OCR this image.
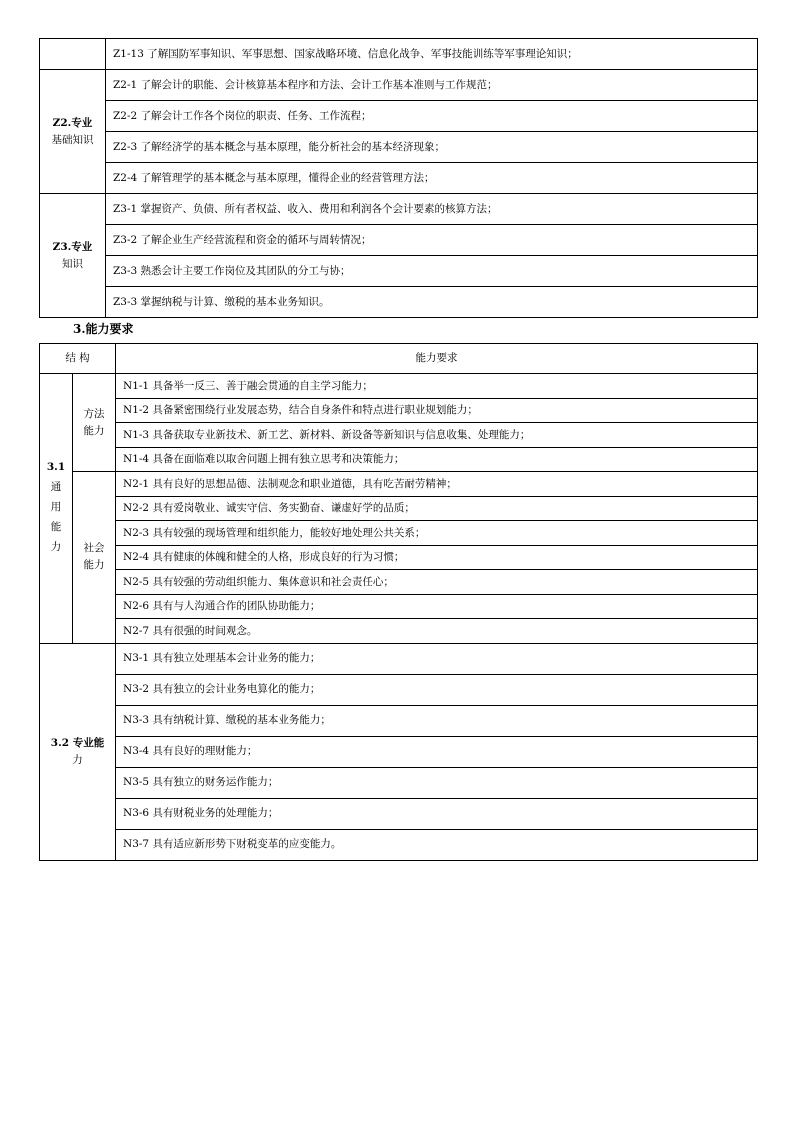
	Z1-13 了解国防军事知识、军事思想、国家战略环境、信息化战争、军事技能训练等军事理论知识；

Z2.专业
基础知识	Z2-1 了解会计的职能、会计核算基本程序和方法、会计工作基本准则与工作规范；
	Z2-2 了解会计工作各个岗位的职责、任务、工作流程；
	Z2-3 了解经济学的基本概念与基本原理，能分析社会的基本经济现象；
	Z2-4 了解管理学的基本概念与基本原理，懂得企业的经营管理方法；

Z3.专业
知识	Z3-1 掌握资产、负债、所有者权益、收入、费用和利润各个会计要素的核算方法；
	Z3-2 了解企业生产经营流程和资金的循环与周转情况；
	Z3-3 熟悉会计主要工作岗位及其团队的分工与协；
	Z3-3 掌握纳税与计算、缴税的基本业务知识。
3.能力要求
结 构		能力要求

3.1
通
用
能
力	方法
能力	N1-1 具备举一反三、善于融会贯通的自主学习能力；
		N1-2 具备紧密围绕行业发展态势，结合自身条件和特点进行职业规划能力；
		N1-3 具备获取专业新技术、新工艺、新材料、新设备等新知识与信息收集、处理能力；
		N1-4 具备在面临难以取舍问题上拥有独立思考和决策能力；

	社会
能力	N2-1 具有良好的思想品德、法制观念和职业道德，具有吃苦耐劳精神；
		N2-2 具有爱岗敬业、诚实守信、务实勤奋、谦虚好学的品质；
		N2-3 具有较强的现场管理和组织能力，能较好地处理公共关系；
		N2-4 具有健康的体魄和健全的人格，形成良好的行为习惯；
		N2-5 具有较强的劳动组织能力、集体意识和社会责任心；
		N2-6 具有与人沟通合作的团队协助能力；
		N2-7 具有很强的时间观念。

3.2 专业能
力		N3-1 具有独立处理基本会计业务的能力；
		N3-2 具有独立的会计业务电算化的能力；
		N3-3 具有纳税计算、缴税的基本业务能力；
		N3-4 具有良好的理财能力；
		N3-5 具有独立的财务运作能力；
		N3-6 具有财税业务的处理能力；
		N3-7 具有适应新形势下财税变革的应变能力。
